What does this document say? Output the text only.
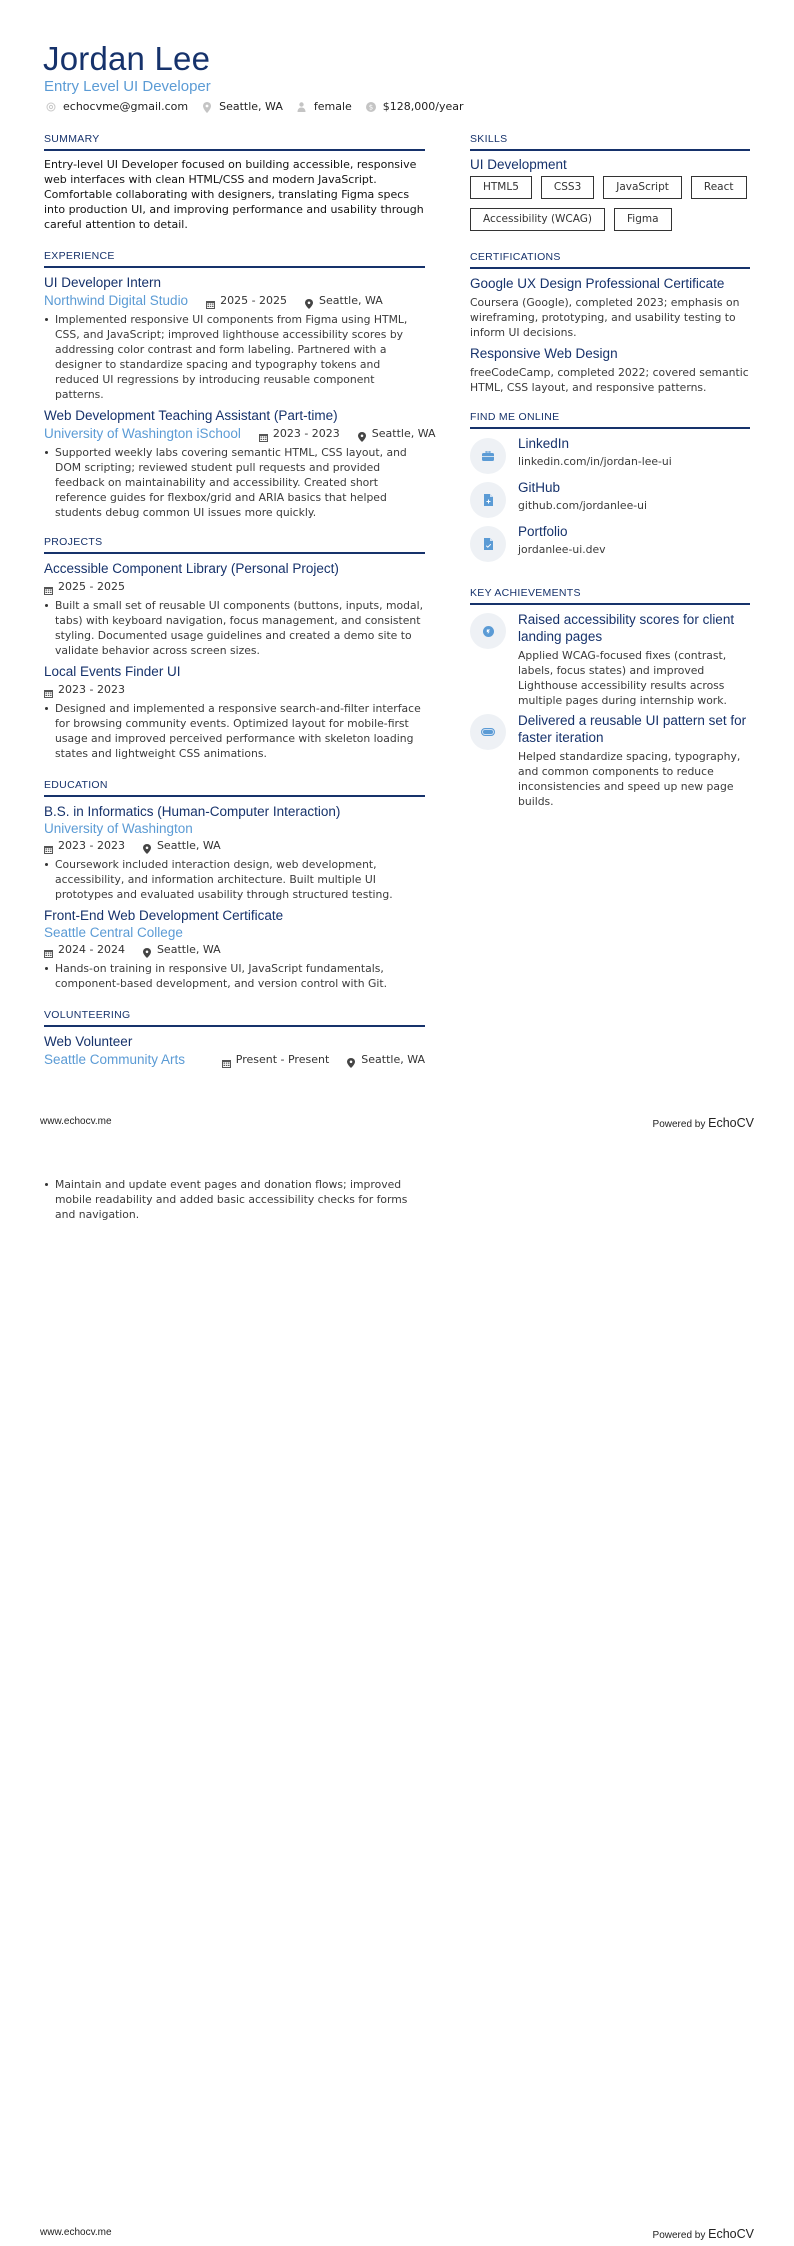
Jordan Lee
Entry Level UI Developer
echocvme@gmail.com	Seattle, WA	female $ $128,000/year
SUMMARY

Entry-level UI Developer focused on building accessible, responsive web interfaces with clean HTML/CSS and modern JavaScript. Comfortable collaborating with designers, translating Figma specs into production UI, and improving performance and usability through careful attention to detail.

EXPERIENCE
UI Developer Intern
Northwind Digital Studio	2025 - 2025	Seattle, WA
Implemented responsive UI components from Figma using HTML, CSS, and JavaScript; improved lighthouse accessibility scores by addressing color contrast and form labeling. Partnered with a designer to standardize spacing and typography tokens and reduced UI regressions by introducing reusable component patterns.
Web Development Teaching Assistant (Part-time)
University of Washington iSchool	2023 - 2023	Seattle, WA
Supported weekly labs covering semantic HTML, CSS layout, and DOM scripting; reviewed student pull requests and provided feedback on maintainability and accessibility. Created short reference guides for flexbox/grid and ARIA basics that helped students debug common UI issues more quickly.
PROJECTS
Accessible Component Library (Personal Project)
2025 - 2025
Built a small set of reusable UI components (buttons, inputs, modal, tabs) with keyboard navigation, focus management, and consistent styling. Documented usage guidelines and created a demo site to validate behavior across screen sizes.
Local Events Finder UI
2023 - 2023
Designed and implemented a responsive search-and-filter interface for browsing community events. Optimized layout for mobile-first usage and improved perceived performance with skeleton loading states and lightweight CSS animations.
EDUCATION
B.S. in Informatics (Human-Computer Interaction)
University of Washington
2023 - 2023	Seattle, WA
Coursework included interaction design, web development, accessibility, and information architecture. Built multiple UI prototypes and evaluated usability through structured testing.
Front-End Web Development Certificate
Seattle Central College
2024 - 2024	Seattle, WA
Hands-on training in responsive UI, JavaScript fundamentals, component-based development, and version control with Git.
VOLUNTEERING
Web Volunteer
Seattle Community Arts	Present - Present	Seattle, WA
SKILLS
UI Development
HTML5	CSS3	JavaScript	React
Accessibility (WCAG)	Figma
CERTIFICATIONS
Google UX Design Professional Certificate
Coursera (Google), completed 2023; emphasis on wireframing, prototyping, and usability testing to inform UI decisions.
Responsive Web Design
freeCodeCamp, completed 2022; covered semantic HTML, CSS layout, and responsive patterns.
FIND ME ONLINE
LinkedIn
linkedin.com/in/jordan-lee-ui
GitHub
github.com/jordanlee-ui
Portfolio
jordanlee-ui.dev
KEY ACHIEVEMENTS
Raised accessibility scores for client landing pages
Applied WCAG-focused fixes (contrast, labels, focus states) and improved Lighthouse accessibility results across multiple pages during internship work.
Delivered a reusable UI pattern set for faster iteration
Helped standardize spacing, typography, and common components to reduce inconsistencies and speed up new page builds.
www.echocv.me	Powered by EchoCV
Maintain and update event pages and donation flows; improved mobile readability and added basic accessibility checks for forms and navigation.
www.echocv.me	Powered by EchoCV
